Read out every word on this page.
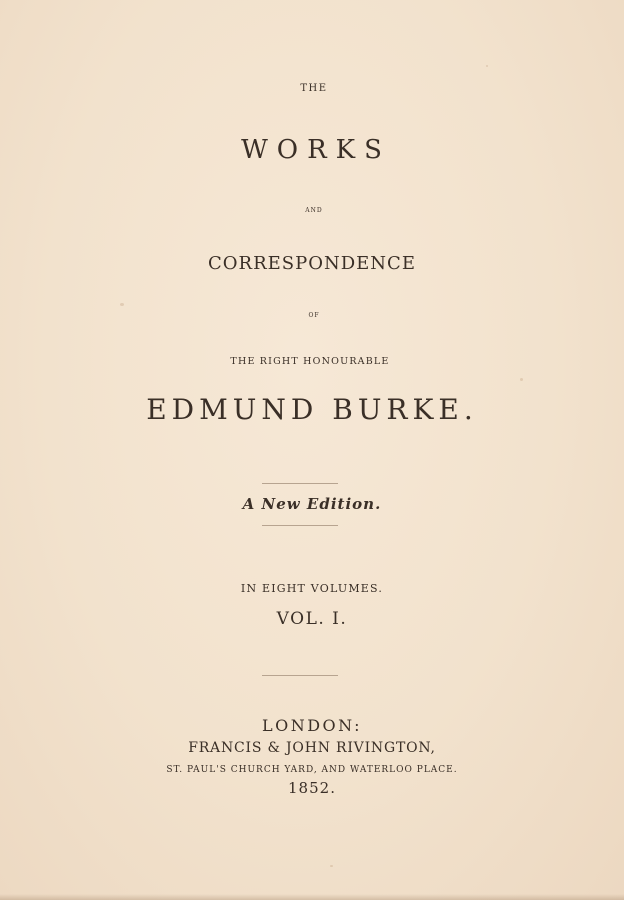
THE
WORKS
AND
CORRESPONDENCE
OF
THE RIGHT HONOURABLE
EDMUND BURKE.
A New Edition.
IN EIGHT VOLUMES.
VOL. I.
LONDON:
FRANCIS & JOHN RIVINGTON,
ST. PAUL'S CHURCH YARD, AND WATERLOO PLACE.
1852.
